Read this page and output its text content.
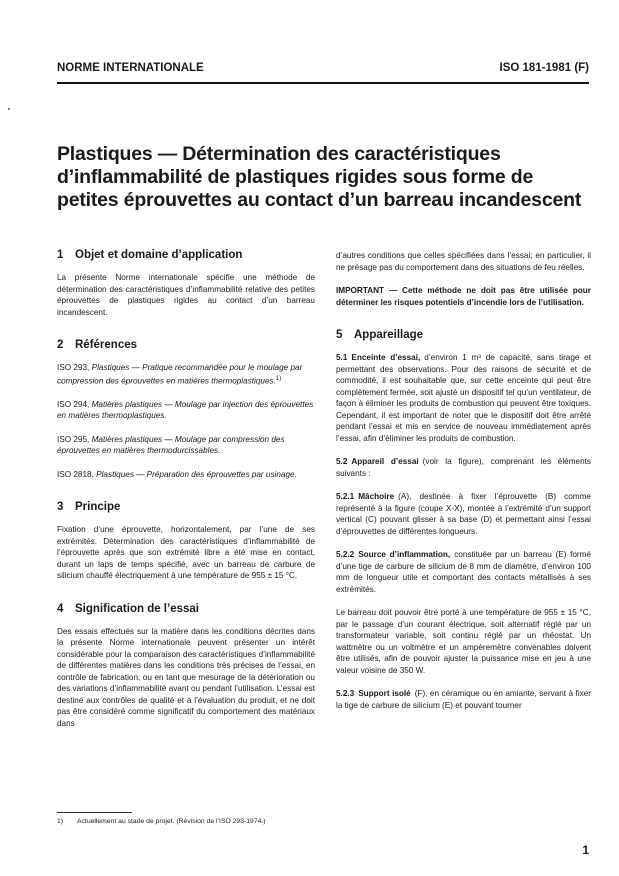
NORME INTERNATIONALE	ISO 181-1981 (F)
Plastiques — Détermination des caractéristiques d’inflammabilité de plastiques rigides sous forme de petites éprouvettes au contact d’un barreau incandescent
1 Objet et domaine d’application

La présente Norme internationale spécifie une méthode de détermination des caractéristiques d’inflammabilité relative des petites éprouvettes de plastiques rigides au contact d’un barreau incandescent.

2 Références
ISO 293, Plastiques — Pratique recommandée pour le moulage par compression des éprouvettes en matières thermoplastiques.$^{1)}$
ISO 294, Matières plastiques — Moulage par injection des éprouvettes en matières thermoplastiques.
ISO 295, Matières plastiques — Moulage par compression des éprouvettes en matières thermodurcissables.
ISO 2818, Plastiques — Préparation des éprouvettes par usinage.
3 Principe

Fixation d’une éprouvette, horizontalement, par l’une de ses extrémités. Détermination des caractéristiques d’inflammabilité de l’éprouvette après que son extrémité libre a été mise en contact, durant un laps de temps spécifié, avec un barreau de carbure de silicium chauffé électriquement à une température de 955 ± 15 °C.

4 Signification de l’essai

Des essais effectués sur la matière dans les conditions décrites dans la présente Norme internationale peuvent présenter un intérêt considérable pour la comparaison des caractéristiques d’inflammabilité de différentes matières dans les conditions très précises de l’essai, en contrôle de fabrication, ou en tant que mesurage de la détérioration ou des variations d’inflammabilité avant ou pendant l’utilisation. L’essai est destiné aux contrôles de qualité et à l’évaluation du produit, et ne doit pas être considéré comme significatif du comportement des matériaux dans

d’autres conditions que celles spécifiées dans l’essai; en particulier, il ne présage pas du comportement dans des situations de feu réelles.

IMPORTANT — Cette méthode ne doit pas être utilisée pour déterminer les risques potentiels d’incendie lors de l’utilisation.

5 Appareillage

5.1 Enceinte d’essai, d’environ 1 m³ de capacité, sans tirage et permettant des observations. Pour des raisons de sécurité et de commodité, il est souhaitable que, sur cette enceinte qui peut être complètement fermée, soit ajusté un dispositif tel qu’un ventilateur, de façon à éliminer les produits de combustion qui peuvent être toxiques. Cependant, il est important de noter que le dispositif doit être arrêté pendant l’essai et mis en service de nouveau immédiatement après l’essai, afin d’éliminer les produits de combustion.

5.2 Appareil d’essai (voir la figure), comprenant les éléments suivants :

5.2.1 Mâchoire (A), destinée à fixer l’éprouvette (B) comme représenté à la figure (coupe X-X), montée à l’extrémité d’un support vertical (C) pouvant glisser à sa base (D) et permettant ainsi l’essai d’éprouvettes de différentes longueurs.

5.2.2 Source d’inflammation, constituée par un barreau (E) formé d’une tige de carbure de silicium de 8 mm de diamètre, d’environ 100 mm de longueur utile et comportant des contacts métallisés à ses extrémités.

Le barreau doit pouvoir être porté à une température de 955 ± 15 °C, par le passage d’un courant électrique, soit alternatif réglé par un transformateur variable, soit continu réglé par un rhéostat. Un wattmètre ou un voltmètre et un ampèremètre convenables doivent être utilisés, afin de pouvoir ajuster la puissance mise en jeu à une valeur voisine de 350 W.

5.2.3 Support isolé (F), en céramique ou en amiante, servant à fixer la tige de carbure de silicium (E) et pouvant tourner

1) Actuellement au stade de projet. (Révision de l’ISO 293-1974.)
1
